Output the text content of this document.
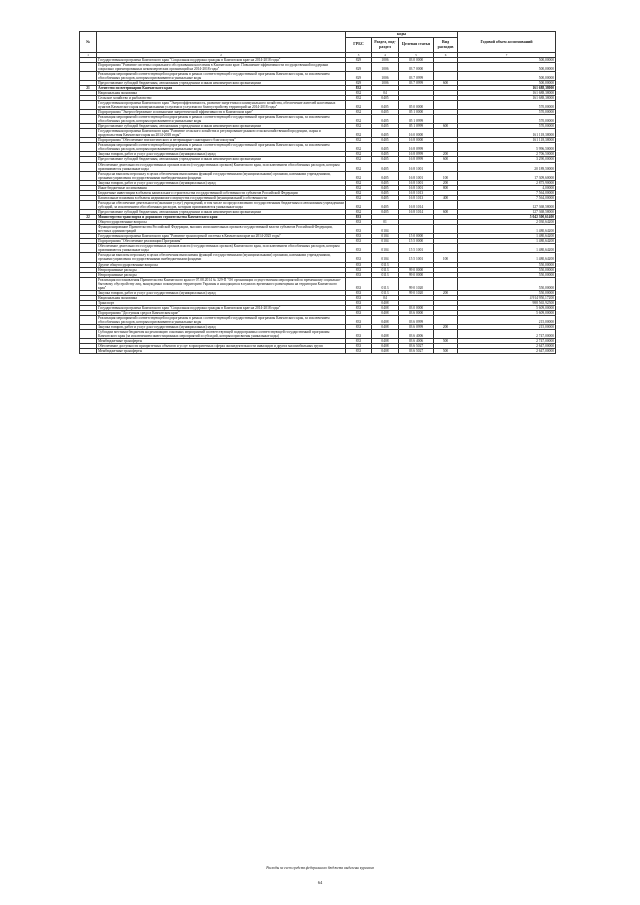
№		коды				Годовой объем ассигнований
		ГРБС	Раздел, под-раздел	Целевая статья	Вид расходов	
1	2	3	4	5	6	7
	Государственная программа Камчатского края "Социальная поддержка граждан в Камчатском крае на 2014-2018 годы"	829	1006	03 0 0000		500,00000
	Подпрограмма "Развитие системы социального обслуживания населения в Камчатском крае. Повышение эффективности государственной поддержки социально ориентированных некоммерческих организаций на 2014-2018 годы"	829	1006	03 7 0000		500,00000
	Реализация мероприятий соответствующей подпрограммы в рамках соответствующей государственной программы Камчатского края, за исключением обособленных расходов, которым присваиваются уникальные коды	829	1006	03 7 0999		500,00000
	Предоставление субсидий бюджетным, автономным учреждениям и иным некоммерческим организациям	829	1006	03 7 0999	600	500,00000
21	Агентство по ветеринарии Камчатского края	832				161 688,38000
	Национальная экономика	832	04			161 688,38000
	Сельское хозяйство и рыболовство	832	0405			161 688,38000
	Государственная программа Камчатского края "Энергоэффективность, развитие энергетики и коммунального хозяйства, обеспечение жителей населенных пунктов Камчатского края коммунальными услугами и услугами по благоустройству территорий на 2014-2018 годы"	832	0405	05 0 0000		570,00000
	Подпрограмма "Энергосбережение и повышение энергетической эффективности в Камчатском крае"	832	0405	05 1 0000		570,00000
	Реализация мероприятий соответствующей подпрограммы в рамках соответствующей государственной программы Камчатского края, за исключением обособленных расходов, которым присваиваются уникальные коды	832	0405	05 1 0999		570,00000
	Предоставление субсидий бюджетным, автономным учреждениям и иным некоммерческим организациям	832	0405	05 1 0999	600	570,00000
	Государственная программа Камчатского края "Развитие сельского хозяйства и регулирование рынков сельскохозяйственной продукции, сырья и продовольствия Камчатского края на 2014-2018 годы"	832	0405	16 0 0000		161 118,38000
	Подпрограмма "Обеспечение эпизоотического и ветеринарно-санитарного благополучия"	832	0405	16 8 0000		161 118,38000
	Реализация мероприятий соответствующей подпрограммы в рамках соответствующей государственной программы Камчатского края, за исключением обособленных расходов, которым присваиваются уникальные коды	832	0405	16 8 0999		5 996,50000
	Закупка товаров, работ и услуг для государственных (муниципальных) нужд	832	0405	16 8 0999	200	2 706,50000
	Предоставление субсидий бюджетным, автономным учреждениям и иным некоммерческим организациям	832	0405	16 8 0999	600	3 290,00000
	Обеспечение деятельности государственных органов власти (государственных органов) Камчатского края, за исключением обособленных расходов, которым присваиваются уникальные коды	832	0405	16 8 1001		20 189,50000
	Расходы на выплаты персоналу в целях обеспечения выполнения функций государственными (муниципальными) органами, казенными учреждениями, органами управления государственными внебюджетными фондами	832	0405	16 8 1001	100	17 309,60000
	Закупка товаров, работ и услуг для государственных (муниципальных) нужд	832	0405	16 8 1001	200	2 875,90000
	Иные бюджетные ассигнования	832	0405	16 8 1001	800	4,00000
	Бюджетные инвестиции в объекты капитального строительства государственной собственности субъектов Российской Федерации	832	0405	16 8 1013		7 564,00000
	Капитальные вложения в объекты недвижимого имущества государственной (муниципальной) собственности	832	0405	16 8 1013	400	7 564,00000
	Расходы на обеспечение деятельности (оказание услуг) учреждений, в том числе по предоставлению государственным бюджетным и автономным учреждениям субсидий, за исключением обособленных расходов, которым присваиваются уникальные коды	832	0405	16 8 1014		127 368,58000
	Предоставление субсидий бюджетным, автономным учреждениям и иным некоммерческим организациям	832	0405	16 8 1014	600	127 368,58000
22	Министерство транспорта и дорожного строительства Камчатского края	833				5 042 300,61400
	Общегосударственные вопросы	833	01			2 030,64200
	Функционирование Правительства Российской Федерации, высших исполнительных органов государственной власти субъектов Российской Федерации, местных администраций	833	0104			1 480,64200
	Государственная программа Камчатского края "Развитие транспортной системы в Камчатском крае на 2014-2025 годы"	833	0104	15 0 0000		1 480,64200
	Подпрограмма "Обеспечение реализации Программы"	833	0104	15 5 0000		1 480,64200
	Обеспечение деятельности государственных органов власти (государственных органов) Камчатского края, за исключением обособленных расходов, которым присваиваются уникальные коды	833	0104	15 5 1001		1 480,64200
	Расходы на выплаты персоналу в целях обеспечения выполнения функций государственными (муниципальными) органами, казенными учреждениями, органами управления государственными внебюджетными фондами	833	0104	15 5 1001	100	1 480,64200
	Другие общегосударственные вопросы	833	0113			550,00000
	Непрограммные расходы	833	0113	99 0 0000		550,00000
	Непрограммные расходы	833	0113	99 0 0000		550,00000
	Реализация постановления Правительства Камчатского края от 07.08.2014 № 329-П "Об организации осуществления мероприятий по временному социально-бытовому обустройству лиц, вынужденно покинувших территорию Украины и находящихся в пунктах временного размещения на территории Камчатского края"	833	0113	99 0 1020		550,00000
	Закупка товаров, работ и услуг для государственных (муниципальных) нужд	833	0113	99 0 1020	200	550,00000
	Национальная экономика	833	04			4 914 950,17200
	Транспорт	833	0408			988 565,92500
	Государственная программа Камчатского края "Социальная поддержка граждан в Камчатском крае на 2014-2018 годы"	833	0408	03 0 0000		5 609,00000
	Подпрограмма "Доступная среда в Камчатском крае"	833	0408	03 6 0000		5 609,00000
	Реализация мероприятий соответствующей подпрограммы в рамках соответствующей государственной программы Камчатского края, за исключением обособленных расходов, которым присваиваются уникальные коды	833	0408	03 6 0999		215,00000
	Закупка товаров, работ и услуг для государственных (муниципальных) нужд	833	0408	03 6 0999	200	215,00000
	Субсидии местным бюджетам на реализацию основных мероприятий соответствующей подпрограммы соответствующей государственной программы Камчатского края (за исключением инвестиционных мероприятий и субсидий, которым присвоены уникальные коды)	833	0408	03 6 4006		2 747,00000
	Межбюджетные трансферты	833	0408	03 6 4006	500	2 747,00000
	Обеспечение доступности приоритетных объектов и услуг в приоритетных сферах жизнедеятельности инвалидов и других маломобильных групп	833	0408	03 6 5027		2 647,00000
	Межбюджетные трансферты	833	0408	03 6 5027	500	2 647,00000
Расходы за счет средств федерального бюджета выделены курсивом
64
